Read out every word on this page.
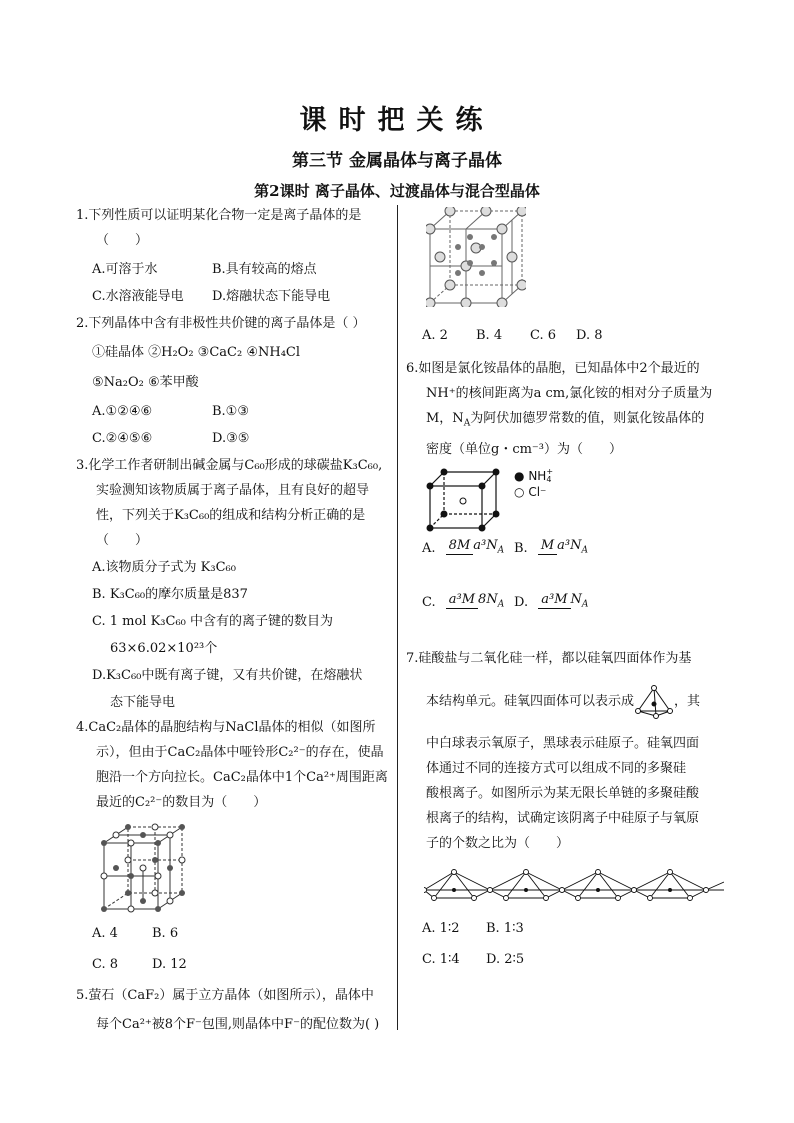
课时把关练
第三节 金属晶体与离子晶体
第2课时 离子晶体、过渡晶体与混合型晶体

1.下列性质可以证明某化合物一定是离子晶体的是

（　　）

A.可溶于水	B.具有较高的熔点
C.水溶液能导电	D.熔融状态下能导电

2.下列晶体中含有非极性共价键的离子晶体是（ ）

①硅晶体 ②H₂O₂ ③CaC₂ ④NH₄Cl

⑤Na₂O₂ ⑥苯甲酸

A.①②④⑥	B.①③
C.②④⑤⑥	D.③⑤

3.化学工作者研制出碱金属与C₆₀形成的球碳盐K₃C₆₀,

实验测知该物质属于离子晶体，且有良好的超导

性，下列关于K₃C₆₀的组成和结构分析正确的是

（　　）

A.该物质分子式为 K₃C₆₀

B. K₃C₆₀的摩尔质量是837

C. 1 mol K₃C₆₀ 中含有的离子键的数目为

63×6.02×10²³个

D.K₃C₆₀中既有离子键，又有共价键，在熔融状

态下能导电

4.CaC₂晶体的晶胞结构与NaCl晶体的相似（如图所

示），但由于CaC₂晶体中哑铃形C₂²⁻的存在，使晶

胞沿一个方向拉长。CaC₂晶体中1个Ca²⁺周围距离

最近的C₂²⁻的数目为（　　）

A. 4	B. 6
C. 8	D. 12

5.萤石（CaF₂）属于立方晶体（如图所示），晶体中

每个Ca²⁺被8个F⁻包围,则晶体中F⁻的配位数为( )

A. 2	B. 4	C. 6	D. 8

6.如图是氯化铵晶体的晶胞，已知晶体中2个最近的

NH⁺的核间距离为a cm,氯化铵的相对分子质量为

M，$N_A$为阿伏加德罗常数的值，则氯化铵晶体的

密度（单位g・cm⁻³）为（　　）

● NH +
4
○ Cl⁻
A. 8M $a^3N_A$ B. M $a^3N_A$
C. a³M $8N_A$ D. a³M $N_A$

7.硅酸盐与二氧化硅一样，都以硅氧四面体作为基

本结构单元。硅氧四面体可以表示成	，其

中白球表示氧原子，黑球表示硅原子。硅氧四面

体通过不同的连接方式可以组成不同的多聚硅

酸根离子。如图所示为某无限长单链的多聚硅酸

根离子的结构，试确定该阴离子中硅原子与氧原

子的个数之比为（　　）

A. 1∶2	B. 1∶3
C. 1∶4	D. 2∶5
